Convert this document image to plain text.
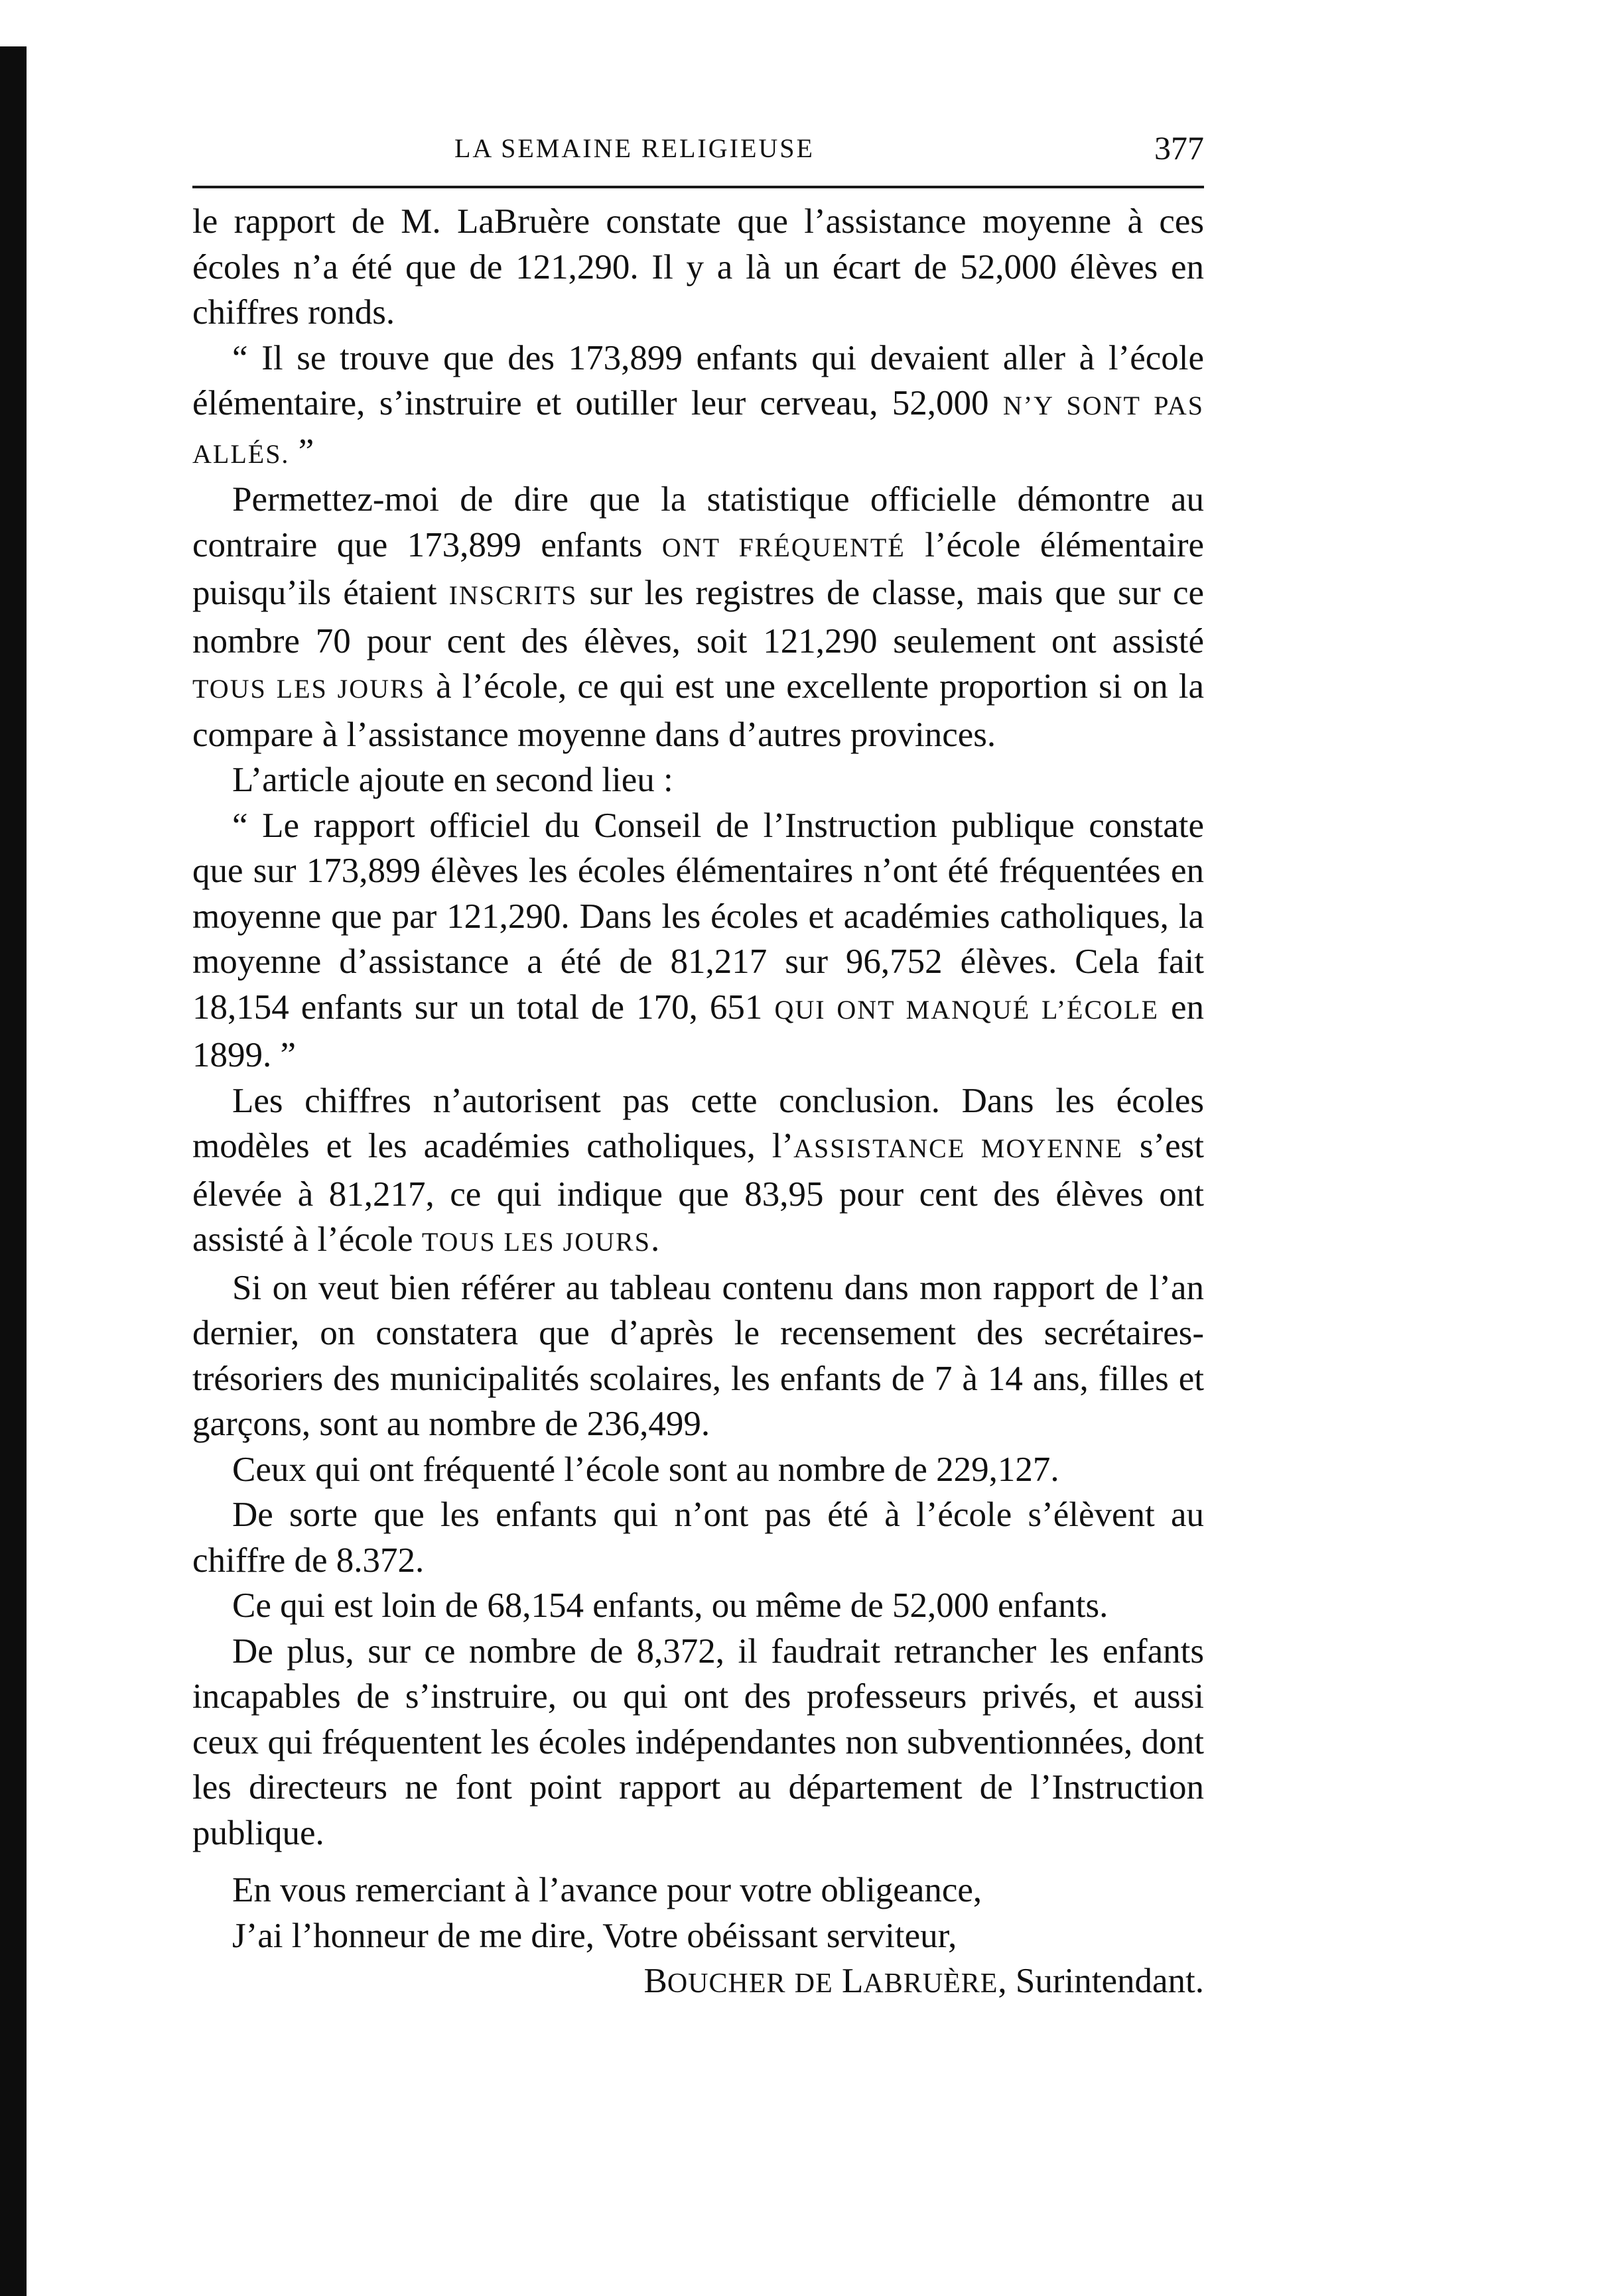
LA SEMAINE RELIGIEUSE	377

le rapport de M. LaBruère constate que l’assistance moyenne à ces écoles n’a été que de 121,290. Il y a là un écart de 52,000 élèves en chiffres ronds.

“ Il se trouve que des 173,899 enfants qui devaient aller à l’école élémentaire, s’instruire et outiller leur cerveau, 52,000 N’Y SONT PAS ALLÉS. ”

Permettez-moi de dire que la statistique officielle démontre au contraire que 173,899 enfants ONT FRÉQUENTÉ l’école élémentaire puisqu’ils étaient INSCRITS sur les registres de classe, mais que sur ce nombre 70 pour cent des élèves, soit 121,290 seulement ont assisté TOUS LES JOURS à l’école, ce qui est une excellente proportion si on la compare à l’assistance moyenne dans d’autres provinces.

L’article ajoute en second lieu :

“ Le rapport officiel du Conseil de l’Instruction publique constate que sur 173,899 élèves les écoles élémentaires n’ont été fréquentées en moyenne que par 121,290. Dans les écoles et académies catholiques, la moyenne d’assistance a été de 81,217 sur 96,752 élèves. Cela fait 18,154 enfants sur un total de 170, 651 QUI ONT MANQUÉ L’ÉCOLE en 1899. ”

Les chiffres n’autorisent pas cette conclusion. Dans les écoles modèles et les académies catholiques, l’ASSISTANCE MOYENNE s’est élevée à 81,217, ce qui indique que 83,95 pour cent des élèves ont assisté à l’école TOUS LES JOURS.

Si on veut bien référer au tableau contenu dans mon rapport de l’an dernier, on constatera que d’après le recensement des secrétaires-trésoriers des municipalités scolaires, les enfants de 7 à 14 ans, filles et garçons, sont au nombre de 236,499.

Ceux qui ont fréquenté l’école sont au nombre de 229,127.

De sorte que les enfants qui n’ont pas été à l’école s’élèvent au chiffre de 8.372.

Ce qui est loin de 68,154 enfants, ou même de 52,000 enfants.

De plus, sur ce nombre de 8,372, il faudrait retrancher les enfants incapables de s’instruire, ou qui ont des professeurs privés, et aussi ceux qui fréquentent les écoles indépendantes non subventionnées, dont les directeurs ne font point rapport au département de l’Instruction publique.

En vous remerciant à l’avance pour votre obligeance,

J’ai l’honneur de me dire, Votre obéissant serviteur,

BOUCHER DE LABRUÈRE, Surintendant.
